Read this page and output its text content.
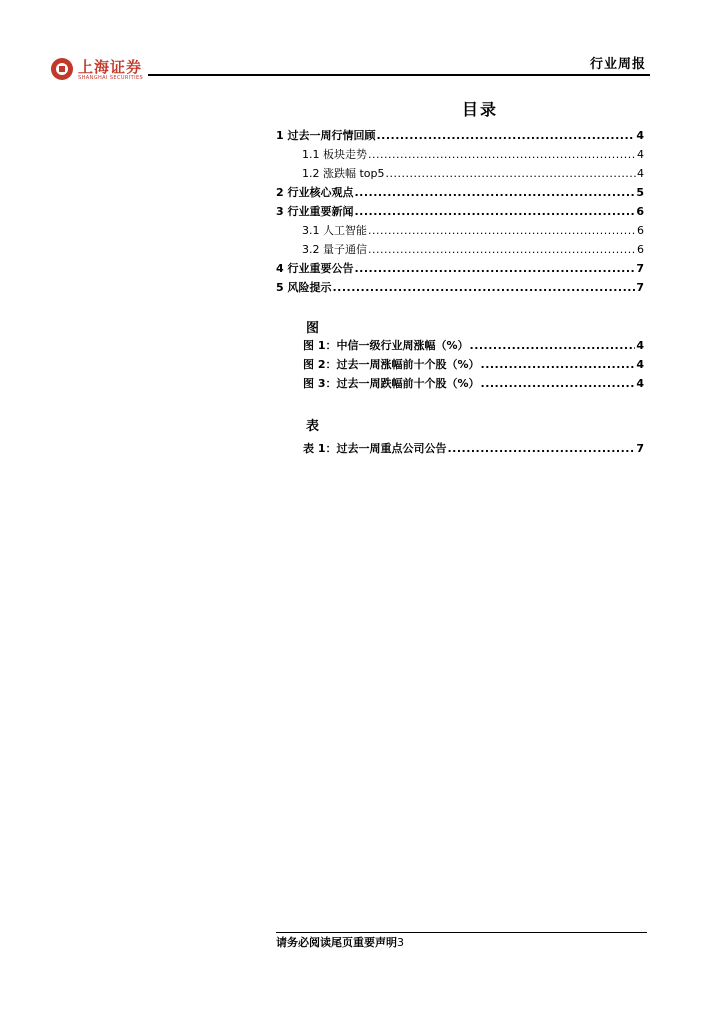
上海证券
SHANGHAI SECURITIES
行业周报
目录
1 过去一周行情回顾 .....	4
1.1 板块走势 .....	4
1.2 涨跌幅 top5 .....	4
2 行业核心观点 .....	5
3 行业重要新闻 .....	6
3.1 人工智能 .....	6
3.2 量子通信 .....	6
4 行业重要公告 .....	7
5 风险提示 .....	7
图
图 1：中信一级行业周涨幅（%） .....	4
图 2：过去一周涨幅前十个股（%） .....	4
图 3：过去一周跌幅前十个股（%） .....	4
表
表 1：过去一周重点公司公告 .....	7
请务必阅读尾页重要声明3
